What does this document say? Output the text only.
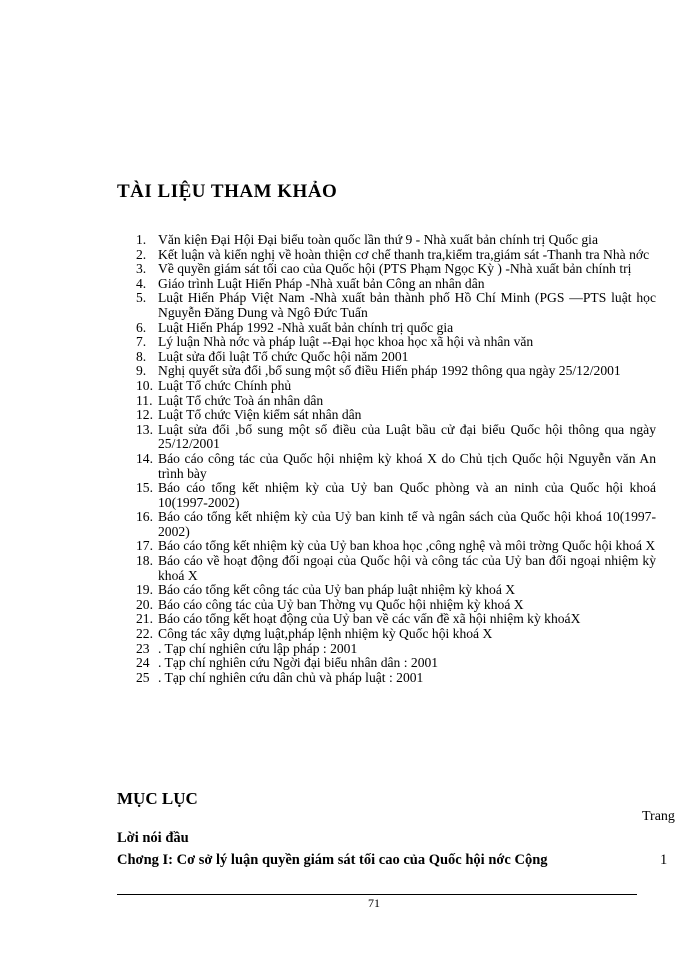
TÀI LIỆU THAM KHẢO
1. Văn kiện Đại Hội Đại biểu toàn quốc lần thứ 9 - Nhà xuất bản chính trị Quốc gia
2. Kết luận và kiến nghị về hoàn thiện cơ chế thanh tra,kiểm tra,giám sát -Thanh tra Nhà nớc
3. Về quyền giám sát tối cao của Quốc hội (PTS Phạm Ngọc Kỳ ) -Nhà xuất bản chính trị
4. Giáo trình Luật Hiến Pháp -Nhà xuất bản Công an nhân dân
5. Luật Hiến Pháp Việt Nam -Nhà xuất bản thành phố Hồ Chí Minh (PGS —PTS luật học Nguyễn Đăng Dung và Ngô Đức Tuấn
6. Luật Hiến Pháp 1992 -Nhà xuất bản chính trị quốc gia
7. Lý luận Nhà nớc và pháp luật --Đại học khoa học xã hội và nhân văn
8. Luật sửa đổi luật Tổ chức Quốc hội năm 2001
9. Nghị quyết sửa đổi ,bổ sung một số điều Hiến pháp 1992 thông qua ngày 25/12/2001
10. Luật Tổ chức Chính phủ
11. Luật Tổ chức Toà án nhân dân
12. Luật Tổ chức Viện kiểm sát nhân dân
13. Luật sửa đổi ,bổ sung một số điều của Luật bầu cử đại biểu Quốc hội thông qua ngày 25/12/2001
14. Báo cáo công tác của Quốc hội nhiệm kỳ khoá X do Chủ tịch Quốc hội Nguyễn văn An trình bày
15. Báo cáo tổng kết nhiệm kỳ của Uỷ ban Quốc phòng và an ninh của Quốc hội khoá 10(1997-2002)
16. Báo cáo tổng kết nhiệm kỳ của Uỷ ban kinh tế và ngân sách của Quốc hội khoá 10(1997-2002)
17. Báo cáo tổng kết nhiệm kỳ của Uỷ ban khoa học ,công nghệ và môi trờng Quốc hội khoá X
18. Báo cáo về hoạt động đối ngoại của Quốc hội và công tác của Uỷ ban đối ngoại nhiệm kỳ khoá X
19. Báo cáo tổng kết công tác của Uỷ ban pháp luật nhiệm kỳ khoá X
20. Báo cáo công tác của Uỷ ban Thờng vụ Quốc hội nhiệm kỳ khoá X
21. Báo cáo tổng kết hoạt động của Uỷ ban về các vấn đề xã hội nhiệm kỳ khoáX
22. Công tác xây dựng luật,pháp lệnh nhiệm kỳ Quốc hội khoá X
23 . Tạp chí nghiên cứu lập pháp : 2001
24 . Tạp chí nghiên cứu Ngời đại biểu nhân dân : 2001
25 . Tạp chí nghiên cứu dân chủ và pháp luật : 2001
MỤC LỤC
Trang
Lời nói đầu
Chơng I: Cơ sở lý luận quyền giám sát tối cao của Quốc hội nớc Cộng	1
71
